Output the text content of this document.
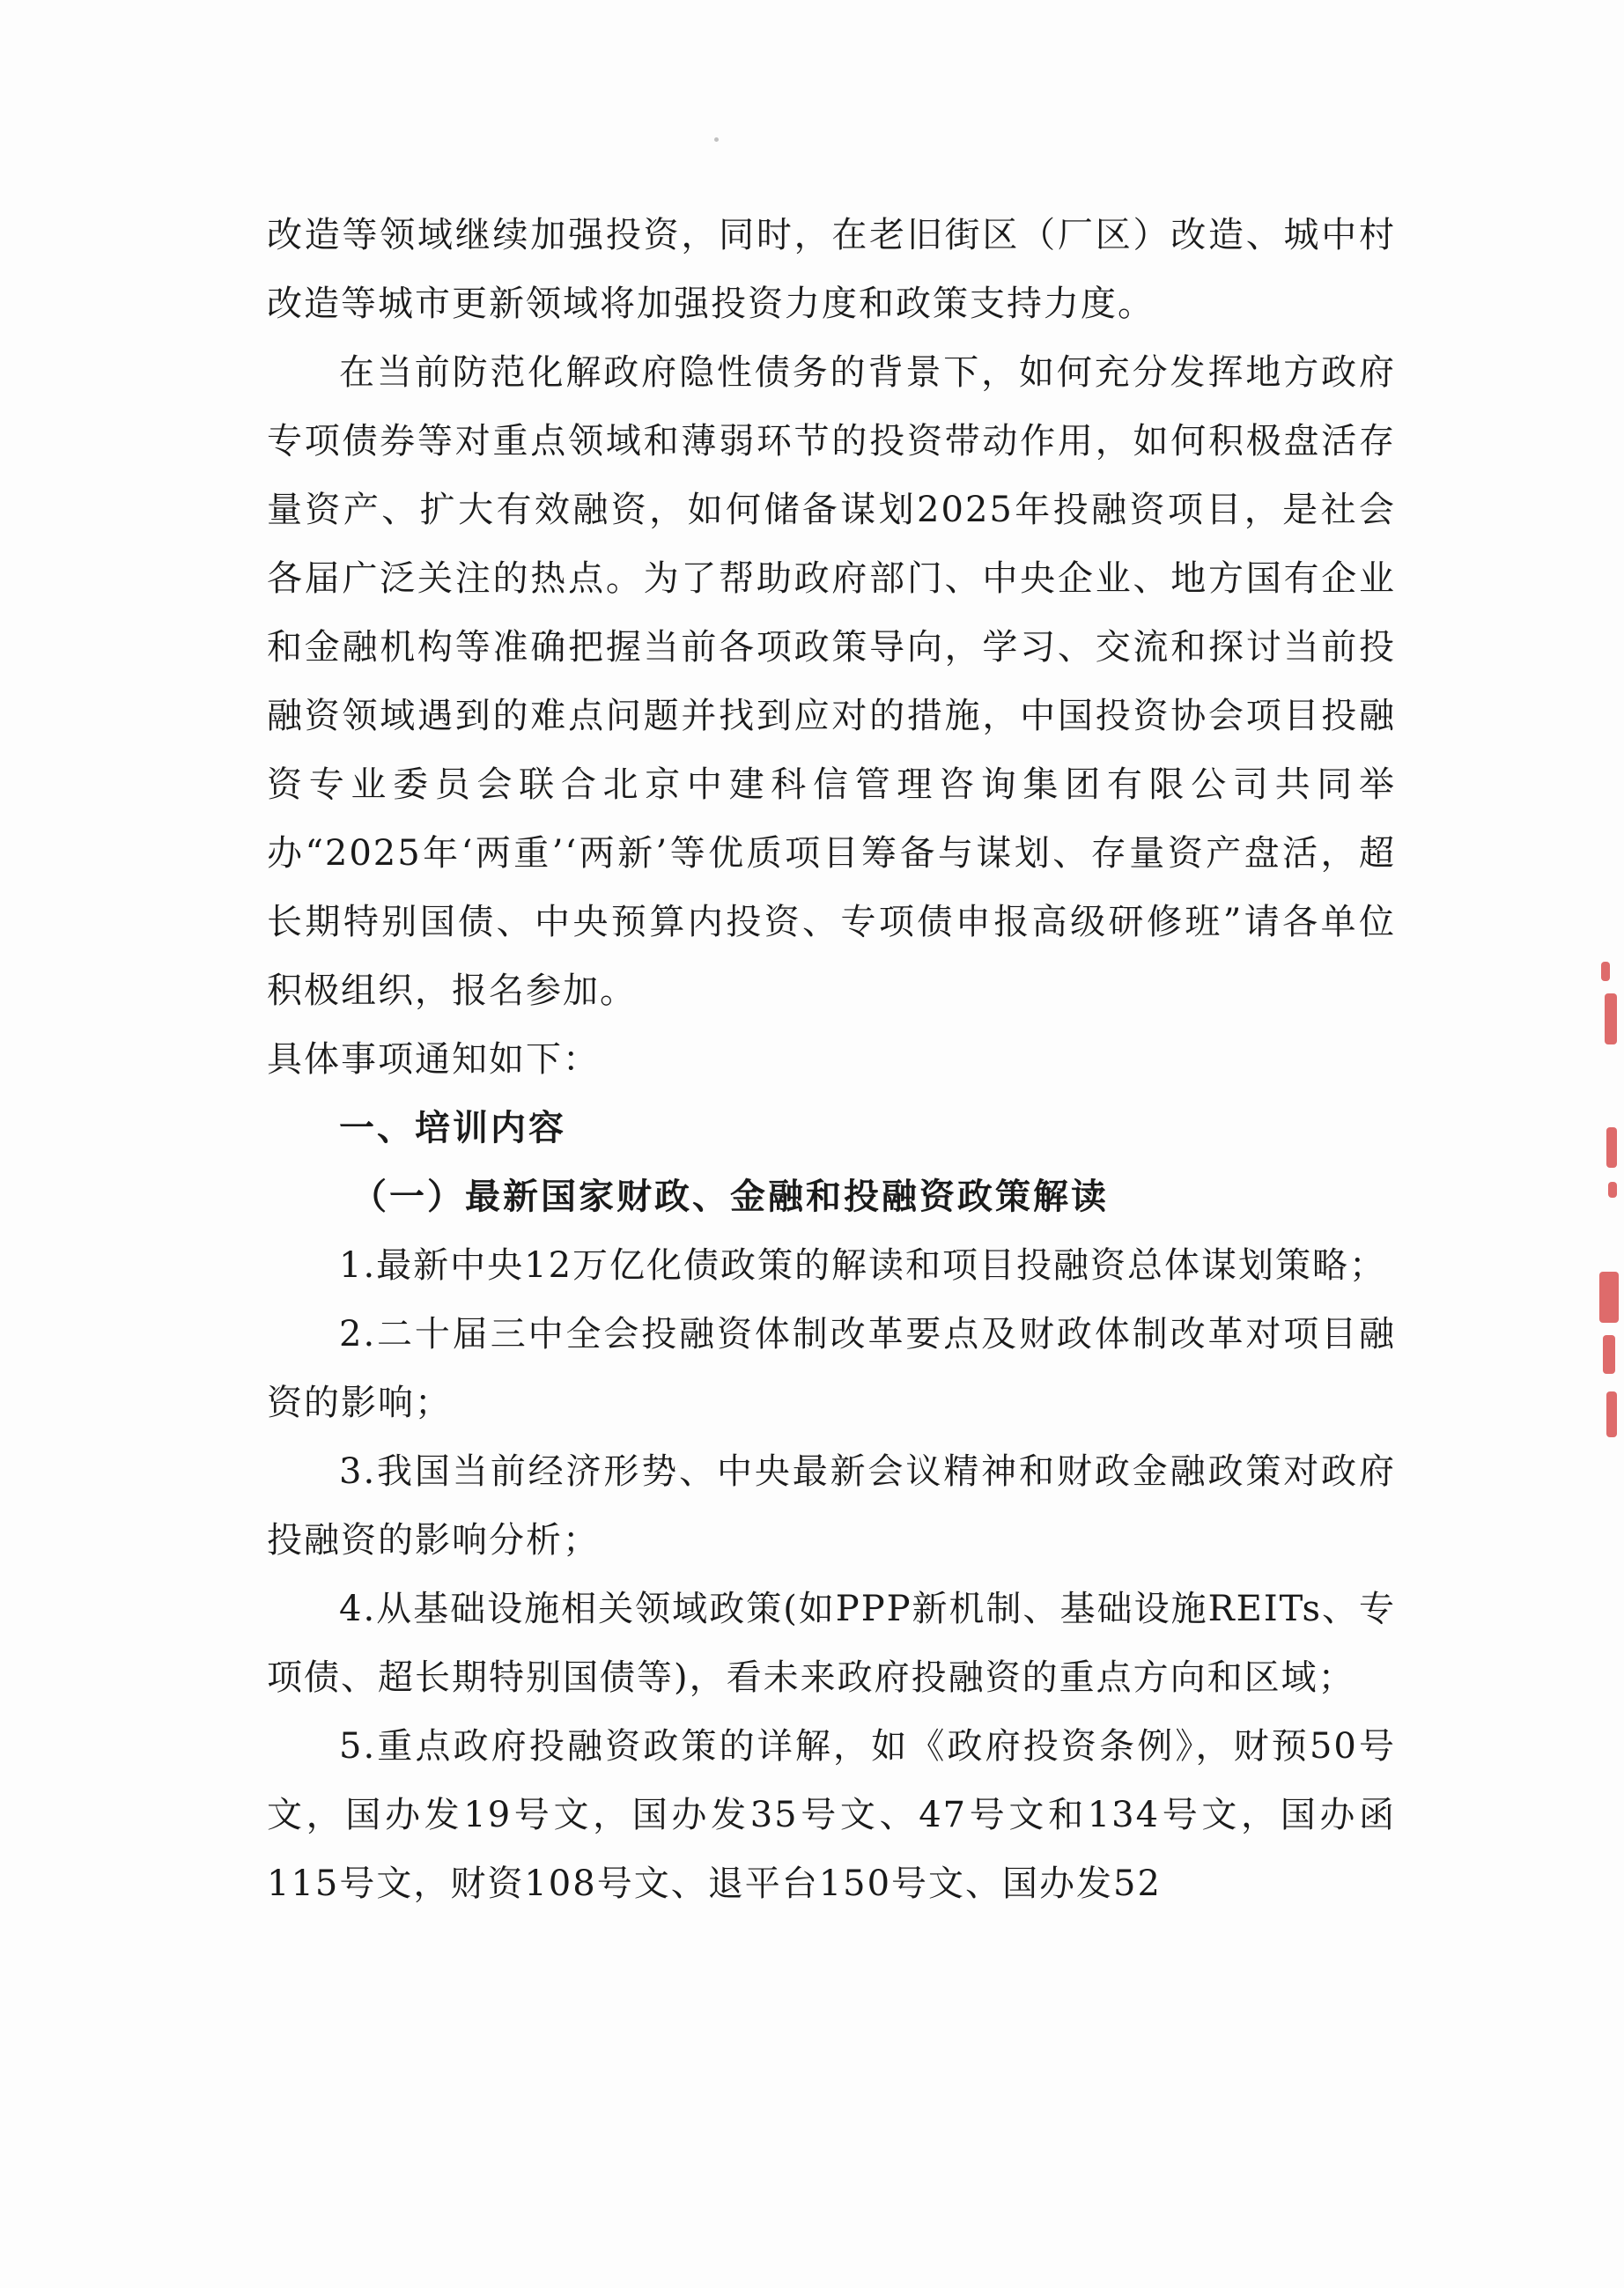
改造等领域继续加强投资，同时，在老旧街区（厂区）改造、城中村改造等城市更新领域将加强投资力度和政策支持力度。

在当前防范化解政府隐性债务的背景下，如何充分发挥地方政府专项债券等对重点领域和薄弱环节的投资带动作用，如何积极盘活存量资产、扩大有效融资，如何储备谋划2025年投融资项目，是社会各届广泛关注的热点。为了帮助政府部门、中央企业、地方国有企业和金融机构等准确把握当前各项政策导向，学习、交流和探讨当前投融资领域遇到的难点问题并找到应对的措施，中国投资协会项目投融资专业委员会联合北京中建科信管理咨询集团有限公司共同举办“2025年‘两重’‘两新’等优质项目筹备与谋划、存量资产盘活，超长期特别国债、中央预算内投资、专项债申报高级研修班”请各单位积极组织，报名参加。

具体事项通知如下：

一、培训内容

（一）最新国家财政、金融和投融资政策解读

1.最新中央12万亿化债政策的解读和项目投融资总体谋划策略；

2.二十届三中全会投融资体制改革要点及财政体制改革对项目融资的影响；

3.我国当前经济形势、中央最新会议精神和财政金融政策对政府投融资的影响分析；

4.从基础设施相关领域政策(如PPP新机制、基础设施REITs、专项债、超长期特别国债等)，看未来政府投融资的重点方向和区域；

5.重点政府投融资政策的详解，如《政府投资条例》，财预50号文，国办发19号文，国办发35号文、47号文和134号文，国办函115号文，财资108号文、退平台150号文、国办发52
